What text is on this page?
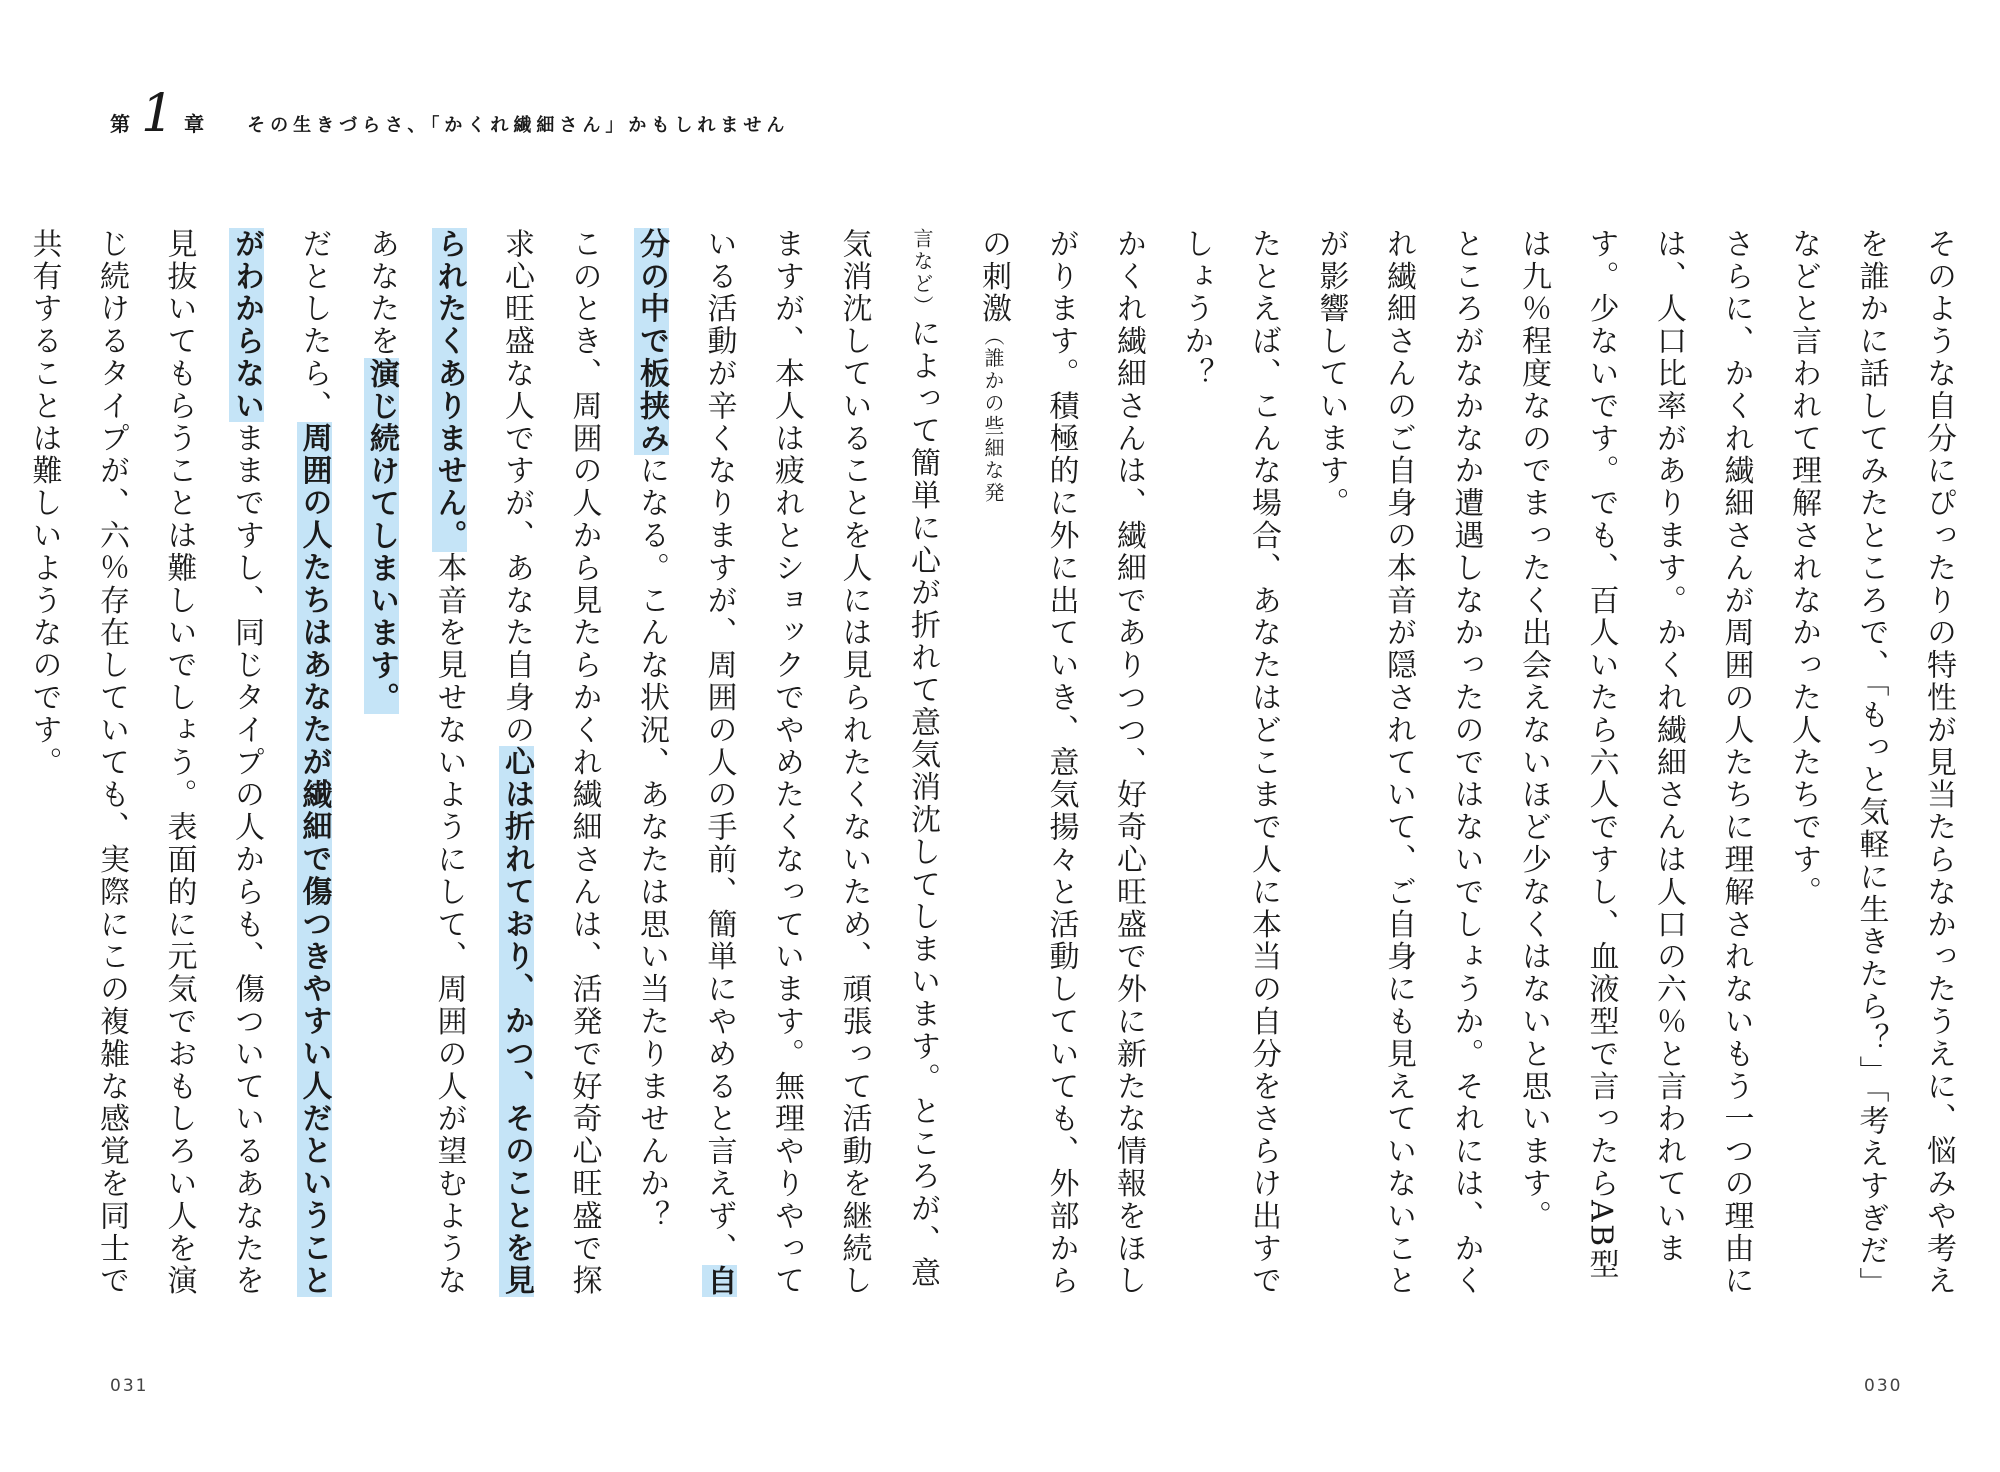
第 1 章 その生きづらさ、「かくれ繊細さん」かもしれません
そのような自分にぴったりの特性が見当たらなかったうえに、悩みや考えを誰かに話してみたところで、「もっと気軽に生きたら？」「考えすぎだ」などと言われて理解されなかった人たちです。
さらに、かくれ繊細さんが周囲の人たちに理解されないもう一つの理由には、人口比率があります。かくれ繊細さんは人口の六％と言われています。少ないです。でも、百人いたら六人ですし、血液型で言ったらAB型は九％程度なのでまったく出会えないほど少なくはないと思います。
ところがなかなか遭遇しなかったのではないでしょうか。それには、かくれ繊細さんのご自身の本音が隠されていて、ご自身にも見えていないことが影響しています。
たとえば、こんな場合、あなたはどこまで人に本当の自分をさらけ出すでしょうか？
かくれ繊細さんは、繊細でありつつ、好奇心旺盛で外に新たな情報をほしがります。積極的に外に出ていき、意気揚々と活動していても、外部からの刺激（誰かの些細な発
言など）によって簡単に心が折れて意気消沈してしまいます。ところが、意気消沈していることを人には見られたくないため、頑張って活動を継続しますが、本人は疲れとショックでやめたくなっています。無理やりやっている活動が辛くなりますが、周囲の人の手前、簡単にやめると言えず、自分の中で板挟みになる。こんな状況、あなたは思い当たりませんか？
このとき、周囲の人から見たらかくれ繊細さんは、活発で好奇心旺盛で探求心旺盛な人ですが、あなた自身の心は折れており、かつ、そのことを見られたくありません。本音を見せないようにして、周囲の人が望むようなあなたを演じ続けてしまいます。
だとしたら、周囲の人たちはあなたが繊細で傷つきやすい人だということがわからないままですし、同じタイプの人からも、傷ついているあなたを見抜いてもらうことは難しいでしょう。表面的に元気でおもしろい人を演じ続けるタイプが、六％存在していても、実際にこの複雑な感覚を同士で共有することは難しいようなのです。
031	030
